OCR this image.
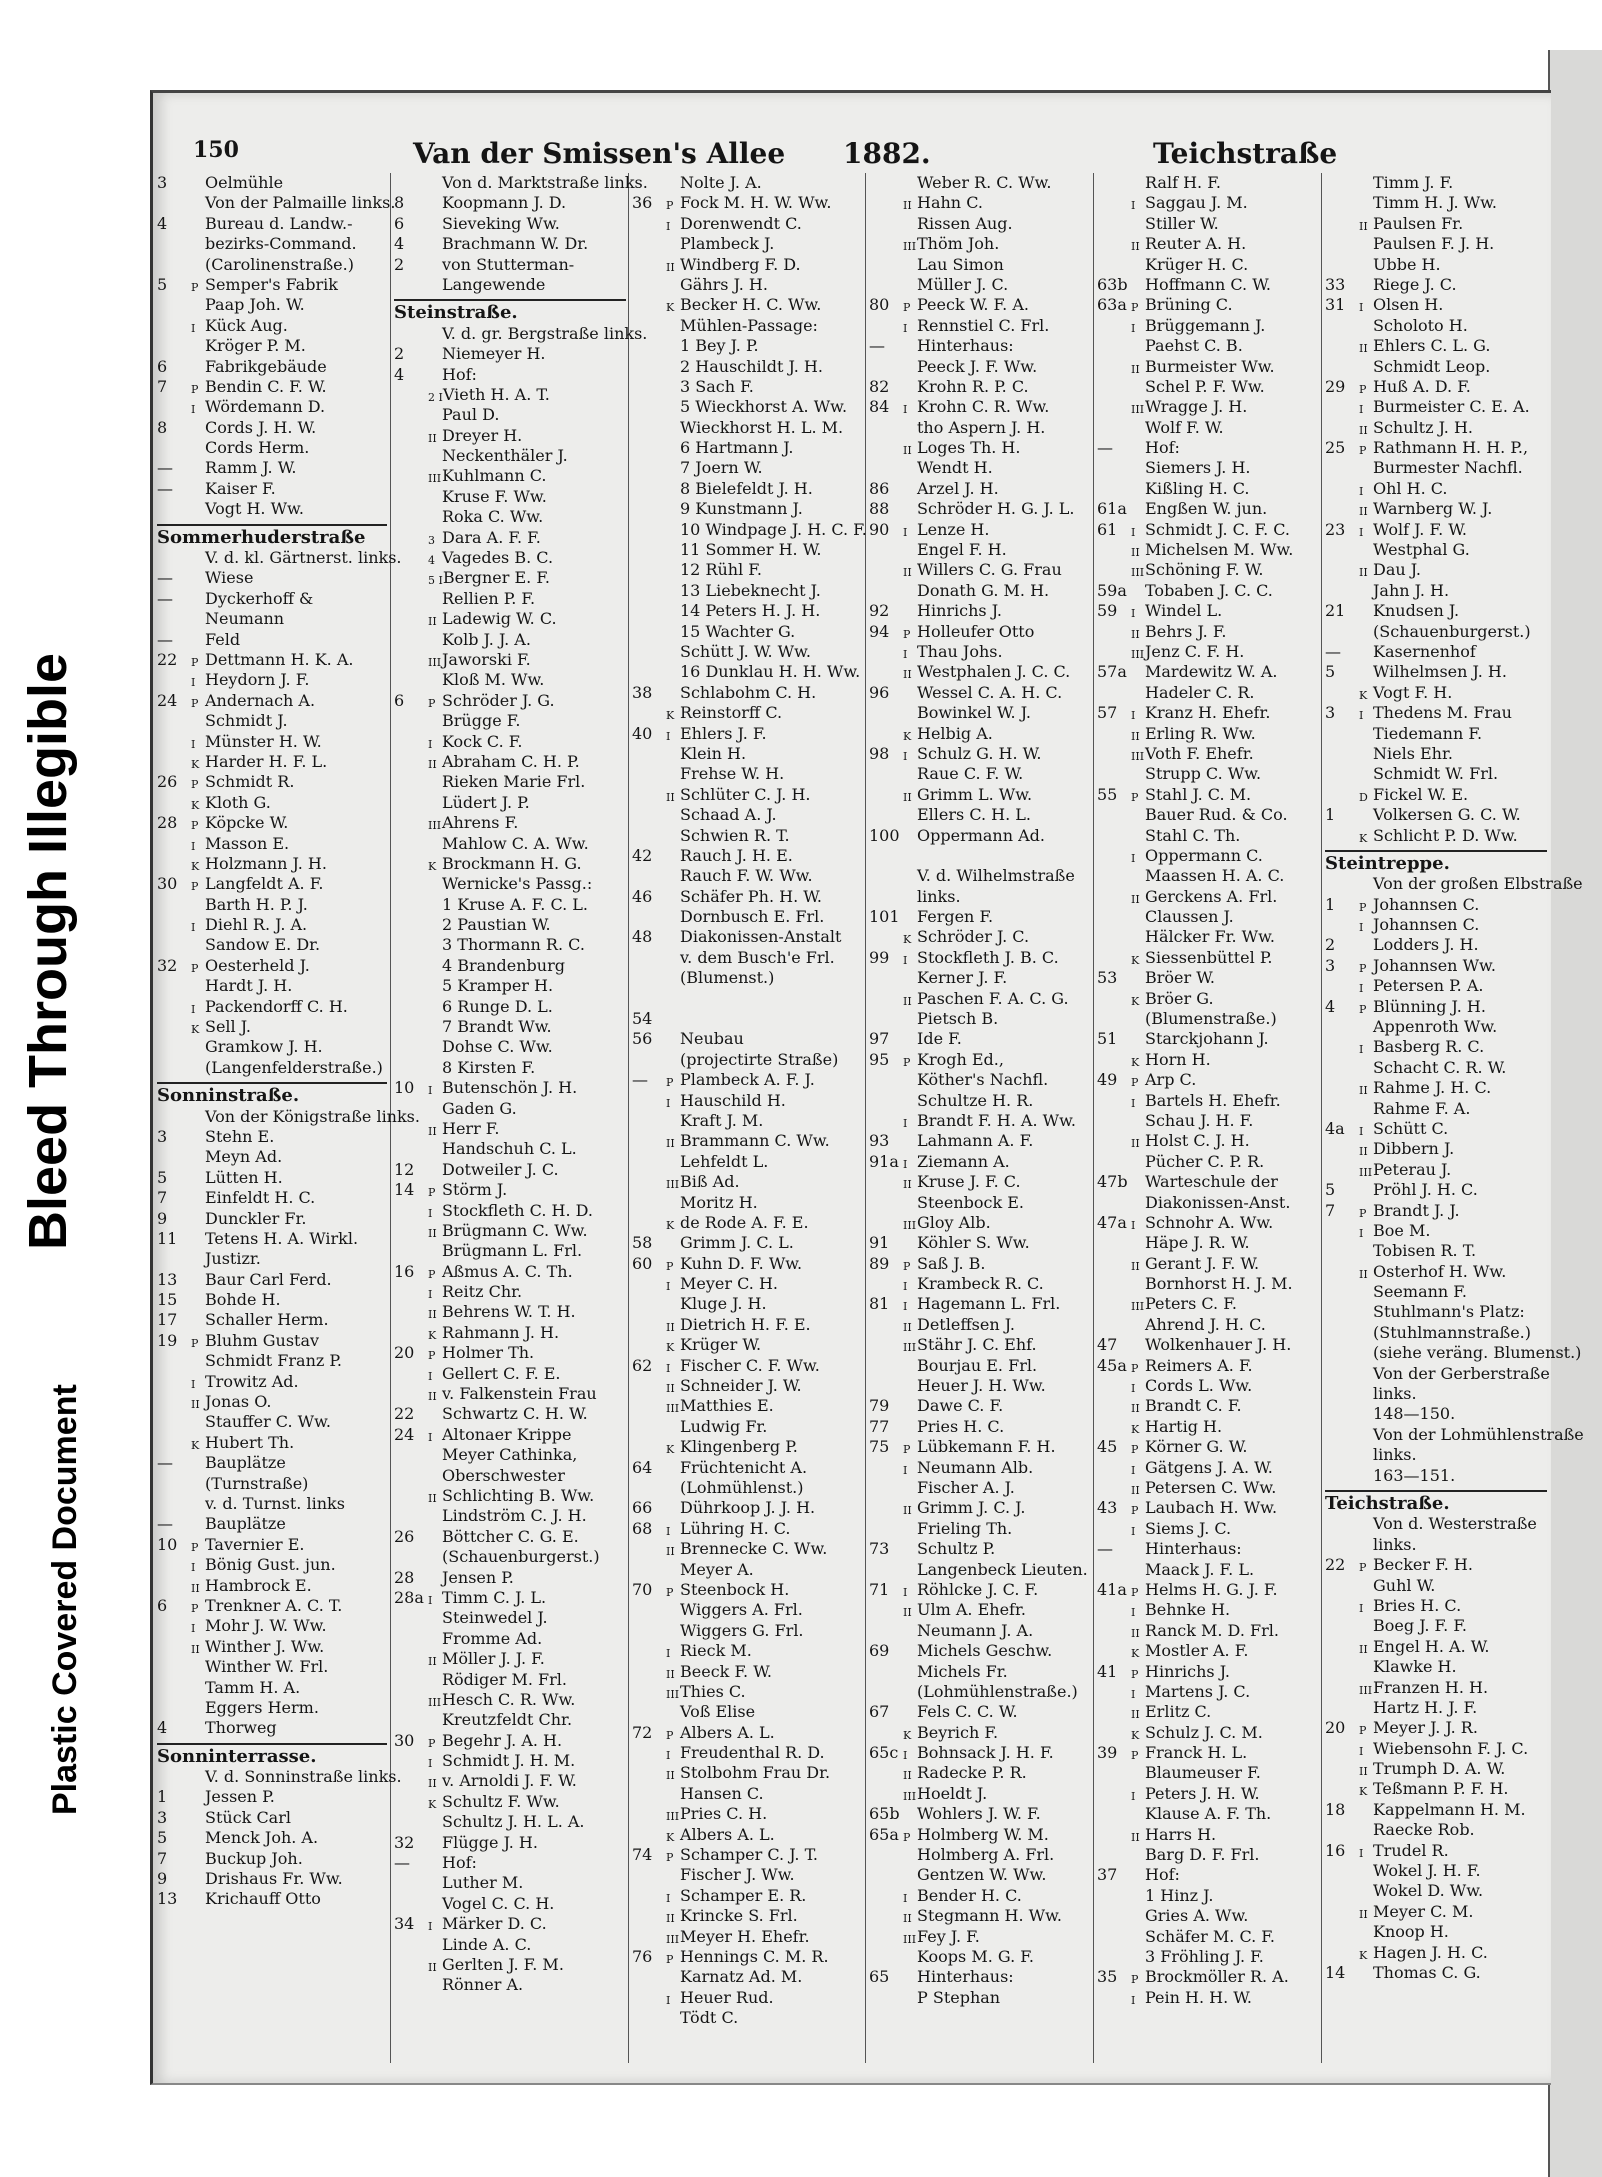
Plastic Covered Document
Bleed Through Illegible
150	Van der Smissen's Allee 1882.	Teichstraße
3	Oelmühle
Von der Palmaille links.
4	Bureau d. Landw.-
bezirks-Command.
(Carolinenstraße.)
5	P Semper's Fabrik
Paap Joh. W.
I Kück Aug.
Kröger P. M.
6	Fabrikgebäude
7	P Bendin C. F. W.
I Wördemann D.
8	Cords J. H. W.
Cords Herm.
—	Ramm J. W.
—	Kaiser F.
Vogt H. Ww.
Sommerhuderstraße
V. d. kl. Gärtnerst. links.
—	Wiese
—	Dyckerhoff &
Neumann
—	Feld
22	P Dettmann H. K. A.
I Heydorn J. F.
24	P Andernach A.
Schmidt J.
I Münster H. W.
K Harder H. F. L.
26	P Schmidt R.
K Kloth G.
28	P Köpcke W.
I Masson E.
K Holzmann J. H.
30	P Langfeldt A. F.
Barth H. P. J.
I Diehl R. J. A.
Sandow E. Dr.
32	P Oesterheld J.
Hardt J. H.
I Packendorff C. H.
K Sell J.
Gramkow J. H.
(Langenfelderstraße.)
Sonninstraße.
Von der Königstraße links.
3	Stehn E.
Meyn Ad.
5	Lütten H.
7	Einfeldt H. C.
9	Dunckler Fr.
11	Tetens H. A. Wirkl.
Justizr.
13	Baur Carl Ferd.
15	Bohde H.
17	Schaller Herm.
19	P Bluhm Gustav
Schmidt Franz P.
I Trowitz Ad.
II Jonas O.
Stauffer C. Ww.
K Hubert Th.
—	Bauplätze
(Turnstraße)
v. d. Turnst. links
—	Bauplätze
10	P Tavernier E.
I Bönig Gust. jun.
II Hambrock E.
6	P Trenkner A. C. T.
I Mohr J. W. Ww.
II Winther J. Ww.
Winther W. Frl.
Tamm H. A.
Eggers Herm.
4	Thorweg
Sonninterrasse.
V. d. Sonninstraße links.
1	Jessen P.
3	Stück Carl
5	Menck Joh. A.
7	Buckup Joh.
9	Drishaus Fr. Ww.
13	Krichauff Otto
Von d. Marktstraße links.
8	Koopmann J. D.
6	Sieveking Ww.
4	Brachmann W. Dr.
2	von Stutterman-
Langewende
Steinstraße.
V. d. gr. Bergstraße links.
2	Niemeyer H.
4	Hof:
2 I Vieth H. A. T.
Paul D.
II Dreyer H.
Neckenthäler J.
III Kuhlmann C.
Kruse F. Ww.
Roka C. Ww.
3 Dara A. F. F.
4 Vagedes B. C.
5 I Bergner E. F.
Rellien P. F.
II Ladewig W. C.
Kolb J. J. A.
III Jaworski F.
Kloß M. Ww.
6	P Schröder J. G.
Brügge F.
I Kock C. F.
II Abraham C. H. P.
Rieken Marie Frl.
Lüdert J. P.
III Ahrens F.
Mahlow C. A. Ww.
K Brockmann H. G.
Wernicke's Passg.:
1 Kruse A. F. C. L.
2 Paustian W.
3 Thormann R. C.
4 Brandenburg
5 Kramper H.
6 Runge D. L.
7 Brandt Ww.
Dohse C. Ww.
8 Kirsten F.
10	I Butenschön J. H.
Gaden G.
II Herr F.
Handschuh C. L.
12	Dotweiler J. C.
14	P Störm J.
I Stockfleth C. H. D.
II Brügmann C. Ww.
Brügmann L. Frl.
16	P Aßmus A. C. Th.
I Reitz Chr.
II Behrens W. T. H.
K Rahmann J. H.
20	P Holmer Th.
I Gellert C. F. E.
II v. Falkenstein Frau
22	Schwartz C. H. W.
24	I Altonaer Krippe
Meyer Cathinka,
Oberschwester
II Schlichting B. Ww.
Lindström C. J. H.
26	Böttcher C. G. E.
(Schauenburgerst.)
28	Jensen P.
28a I Timm C. J. L.
Steinwedel J.
Fromme Ad.
II Möller J. J. F.
Rödiger M. Frl.
III Hesch C. R. Ww.
Kreutzfeldt Chr.
30	P Begehr J. A. H.
I Schmidt J. H. M.
II v. Arnoldi J. F. W.
K Schultz F. Ww.
Schultz J. H. L. A.
32	Flügge J. H.
—	Hof:
Luther M.
Vogel C. C. H.
34	I Märker D. C.
Linde A. C.
II Gerlten J. F. M.
Rönner A.
Nolte J. A.
36	P Fock M. H. W. Ww.
I Dorenwendt C.
Plambeck J.
II Windberg F. D.
Gährs J. H.
K Becker H. C. Ww.
Mühlen-Passage:
1 Bey J. P.
2 Hauschildt J. H.
3 Sach F.
5 Wieckhorst A. Ww.
Wieckhorst H. L. M.
6 Hartmann J.
7 Joern W.
8 Bielefeldt J. H.
9 Kunstmann J.
10 Windpage J. H. C. F.
11 Sommer H. W.
12 Rühl F.
13 Liebeknecht J.
14 Peters H. J. H.
15 Wachter G.
Schütt J. W. Ww.
16 Dunklau H. H. Ww.
38	Schlabohm C. H.
K Reinstorff C.
40	I Ehlers J. F.
Klein H.
Frehse W. H.
II Schlüter C. J. H.
Schaad A. J.
Schwien R. T.
42	Rauch J. H. E.
Rauch F. W. Ww.
46	Schäfer Ph. H. W.
Dornbusch E. Frl.
48	Diakonissen-Anstalt
v. dem Busch'e Frl.
(Blumenst.)
54
56	Neubau
(projectirte Straße)
—	P Plambeck A. F. J.
I Hauschild H.
Kraft J. M.
II Brammann C. Ww.
Lehfeldt L.
III Biß Ad.
Moritz H.
K de Rode A. F. E.
58	Grimm J. C. L.
60	P Kuhn D. F. Ww.
I Meyer C. H.
Kluge J. H.
II Dietrich H. F. E.
K Krüger W.
62	I Fischer C. F. Ww.
II Schneider J. W.
III Matthies E.
Ludwig Fr.
K Klingenberg P.
64	Früchtenicht A.
(Lohmühlenst.)
66	Dührkoop J. J. H.
68	I Lühring H. C.
II Brennecke C. Ww.
Meyer A.
70	P Steenbock H.
Wiggers A. Frl.
Wiggers G. Frl.
I Rieck M.
II Beeck F. W.
III Thies C.
Voß Elise
72	P Albers A. L.
I Freudenthal R. D.
II Stolbohm Frau Dr.
Hansen C.
III Pries C. H.
K Albers A. L.
74	P Schamper C. J. T.
Fischer J. Ww.
I Schamper E. R.
II Krincke S. Frl.
III Meyer H. Ehefr.
76	P Hennings C. M. R.
Karnatz Ad. M.
I Heuer Rud.
Tödt C.
Weber R. C. Ww.
II Hahn C.
Rissen Aug.
III Thöm Joh.
Lau Simon
Müller J. C.
80	P Peeck W. F. A.
I Rennstiel C. Frl.
—	Hinterhaus:
Peeck J. F. Ww.
82	Krohn R. P. C.
84	I Krohn C. R. Ww.
tho Aspern J. H.
II Loges Th. H.
Wendt H.
86	Arzel J. H.
88	Schröder H. G. J. L.
90	I Lenze H.
Engel F. H.
II Willers C. G. Frau
Donath G. M. H.
92	Hinrichs J.
94	P Holleufer Otto
I Thau Johs.
II Westphalen J. C. C.
96	Wessel C. A. H. C.
Bowinkel W. J.
K Helbig A.
98	I Schulz G. H. W.
Raue C. F. W.
II Grimm L. Ww.
Ellers C. H. L.
100 Oppermann Ad.
V. d. Wilhelmstraße
links.
101 Fergen F.
K Schröder J. C.
99	I Stockfleth J. B. C.
Kerner J. F.
II Paschen F. A. C. G.
Pietsch B.
97	Ide F.
95	P Krogh Ed.,
Köther's Nachfl.
Schultze H. R.
I Brandt F. H. A. Ww.
93	Lahmann A. F.
91a I Ziemann A.
II Kruse J. F. C.
Steenbock E.
III Gloy Alb.
91	Köhler S. Ww.
89	P Saß J. B.
I Krambeck R. C.
81	I Hagemann L. Frl.
II Detleffsen J.
III Stähr J. C. Ehf.
Bourjau E. Frl.
Heuer J. H. Ww.
79	Dawe C. F.
77	Pries H. C.
75	P Lübkemann F. H.
I Neumann Alb.
Fischer A. J.
II Grimm J. C. J.
Frieling Th.
73	Schultz P.
Langenbeck Lieuten.
71	I Röhlcke J. C. F.
II Ulm A. Ehefr.
Neumann J. A.
69	Michels Geschw.
Michels Fr.
(Lohmühlenstraße.)
67	Fels C. C. W.
K Beyrich F.
65c I Bohnsack J. H. F.
II Radecke P. R.
III Hoeldt J.
65b Wohlers J. W. F.
65a P Holmberg W. M.
Holmberg A. Frl.
Gentzen W. Ww.
I Bender H. C.
II Stegmann H. Ww.
III Fey J. F.
Koops M. G. F.
65	Hinterhaus:
P Stephan
Ralf H. F.
I Saggau J. M.
Stiller W.
II Reuter A. H.
Krüger H. C.
63b Hoffmann C. W.
63a P Brüning C.
I Brüggemann J.
Paehst C. B.
II Burmeister Ww.
Schel P. F. Ww.
III Wragge J. H.
Wolf F. W.
—	Hof:
Siemers J. H.
Kißling H. C.
61a Engßen W. jun.
61	I Schmidt J. C. F. C.
II Michelsen M. Ww.
III Schöning F. W.
59a Tobaben J. C. C.
59	I Windel L.
II Behrs J. F.
III Jenz C. F. H.
57a Mardewitz W. A.
Hadeler C. R.
57	I Kranz H. Ehefr.
II Erling R. Ww.
III Voth F. Ehefr.
Strupp C. Ww.
55	P Stahl J. C. M.
Bauer Rud. & Co.
Stahl C. Th.
I Oppermann C.
Maassen H. A. C.
II Gerckens A. Frl.
Claussen J.
Hälcker Fr. Ww.
K Siessenbüttel P.
53	Bröer W.
K Bröer G.
(Blumenstraße.)
51	Starckjohann J.
K Horn H.
49	P Arp C.
I Bartels H. Ehefr.
Schau J. H. F.
II Holst C. J. H.
Pücher C. P. R.
47b Warteschule der
Diakonissen-Anst.
47a I Schnohr A. Ww.
Häpe J. R. W.
II Gerant J. F. W.
Bornhorst H. J. M.
III Peters C. F.
Ahrend J. H. C.
47	Wolkenhauer J. H.
45a P Reimers A. F.
I Cords L. Ww.
II Brandt C. F.
K Hartig H.
45	P Körner G. W.
I Gätgens J. A. W.
II Petersen C. Ww.
43	P Laubach H. Ww.
I Siems J. C.
—	Hinterhaus:
Maack J. F. L.
41a P Helms H. G. J. F.
I Behnke H.
II Ranck M. D. Frl.
K Mostler A. F.
41	P Hinrichs J.
I Martens J. C.
II Erlitz C.
K Schulz J. C. M.
39	P Franck H. L.
Blaumeuser F.
I Peters J. H. W.
Klause A. F. Th.
II Harrs H.
Barg D. F. Frl.
37	Hof:
1 Hinz J.
Gries A. Ww.
Schäfer M. C. F.
3 Fröhling J. F.
35	P Brockmöller R. A.
I Pein H. H. W.
Timm J. F.
Timm H. J. Ww.
II Paulsen Fr.
Paulsen F. J. H.
Ubbe H.
33	Riege J. C.
31	I Olsen H.
Scholoto H.
II Ehlers C. L. G.
Schmidt Leop.
29	P Huß A. D. F.
I Burmeister C. E. A.
II Schultz J. H.
25	P Rathmann H. H. P.,
Burmester Nachfl.
I Ohl H. C.
II Warnberg W. J.
23	I Wolf J. F. W.
Westphal G.
II Dau J.
Jahn J. H.
21	Knudsen J.
(Schauenburgerst.)
—	Kasernenhof
5	Wilhelmsen J. H.
K Vogt F. H.
3	I Thedens M. Frau
Tiedemann F.
Niels Ehr.
Schmidt W. Frl.
D Fickel W. E.
1	Volkersen G. C. W.
K Schlicht P. D. Ww.
Steintreppe.
Von der großen Elbstraße
1	P Johannsen C.
I Johannsen C.
2	Lodders J. H.
3	P Johannsen Ww.
I Petersen P. A.
4	P Blünning J. H.
Appenroth Ww.
I Basberg R. C.
Schacht C. R. W.
II Rahme J. H. C.
Rahme F. A.
4a	I Schütt C.
II Dibbern J.
III Peterau J.
5	Pröhl J. H. C.
7	P Brandt J. J.
I Boe M.
Tobisen R. T.
II Osterhof H. Ww.
Seemann F.
Stuhlmann's Platz:
(Stuhlmannstraße.)
(siehe veräng. Blumenst.)
Von der Gerberstraße
links.
148—150.
Von der Lohmühlenstraße
links.
163—151.
Teichstraße.
Von d. Westerstraße
links.
22	P Becker F. H.
Guhl W.
I Bries H. C.
Boeg J. F. F.
II Engel H. A. W.
Klawke H.
III Franzen H. H.
Hartz H. J. F.
20	P Meyer J. J. R.
I Wiebensohn F. J. C.
II Trumph D. A. W.
K Teßmann P. F. H.
18	Kappelmann H. M.
Raecke Rob.
16	I Trudel R.
Wokel J. H. F.
Wokel D. Ww.
II Meyer C. M.
Knoop H.
K Hagen J. H. C.
14	Thomas C. G.
